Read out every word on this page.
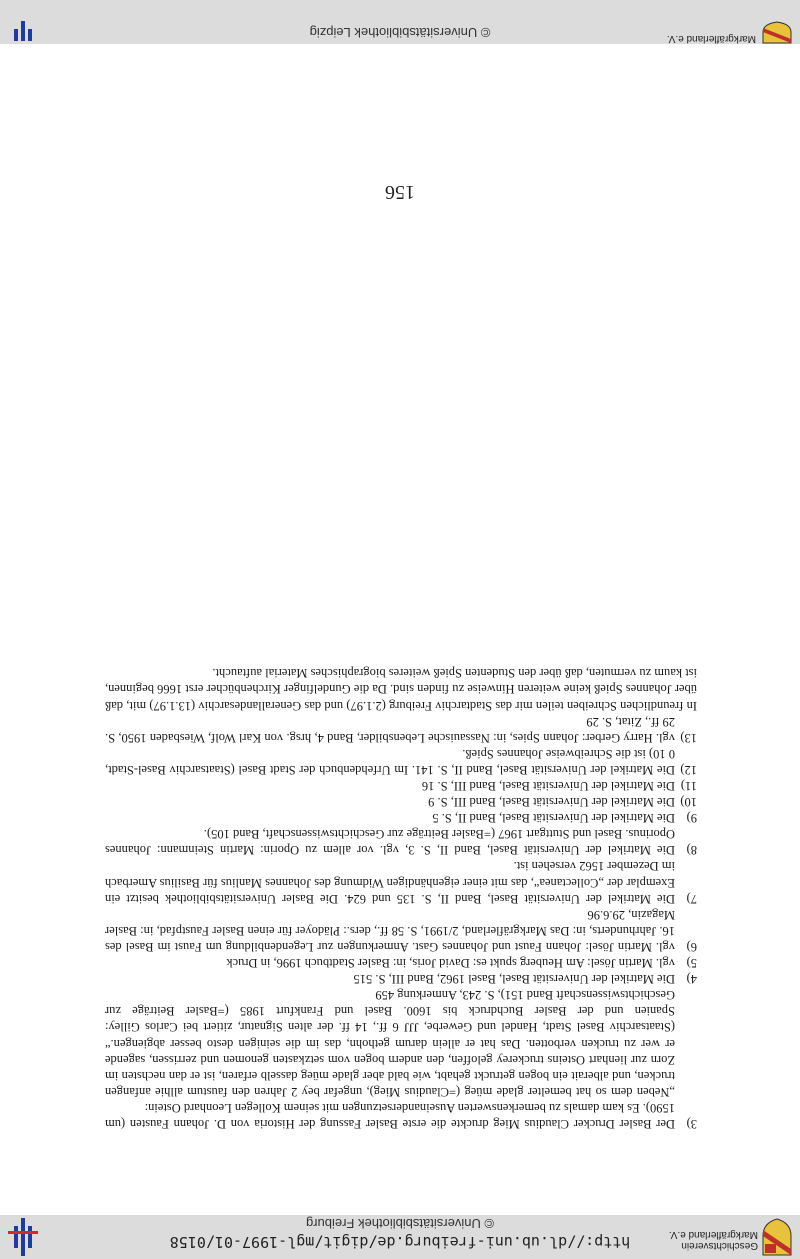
http://dl.ub.uni-freiburg.de/digit/mgl-1997-01/0158
© Universitätsbibliothek Freiburg
Geschichtsverein
Markgräflerland e.V.
156
3)

Der Basler Drucker Claudius Mieg druckte die erste Basler Fassung der Historia von D. Johann Fausten (um 1590). Es kam damals zu bemerkenswerten Auseinandersetzungen mit seinem Kollegen Leonhard Ostein:

„Neben dem so hat bemelter glade müeg (=Claudius Mieg), ungefar bey 2 Jahren den faustum allhie anfangen trucken, und alberait ein bogen getruckt gehabt, wie bald aber glade müeg dasselb erfaren, ist er dan nechsten im Zorn zur lienhart Osteins truckerey geloffen, den andern bogen vom setzkasten genomen und zerrissen, sagende er wer zu trucken verbotten. Das hat er allein darum gethohn, das im die seinigen desto besser abgiengen.“ (Staatsarchiv Basel Stadt, Handel und Gewerbe, JJJ 6 ff., 14 ff. der alten Signatur, zitiert bei Carlos Gilley: Spanien und der Basler Buchdruck bis 1600. Basel und Frankfurt 1985 (=Basler Beiträge zur Geschichtswissenschaft Band 151), S. 243, Anmerkung 459

4)

Die Matrikel der Universität Basel, Basel 1962, Band III, S. 515

5)

vgl. Martin Jösel: Am Heuberg spukt es: David Joris, in: Basler Stadtbuch 1996, in Druck

6)

vgl. Martin Jösel: Johann Faust und Johannes Gast. Anmerkungen zur Legendenbildung um Faust im Basel des 16. Jahrhunderts, in: Das Markgräflerland, 2/1991, S. 58 ff., ders.: Plädoyer für einen Basler Faustpfad, in: Basler Magazin, 29.6.96

7)

Die Matrikel der Universität Basel, Band II, S. 135 und 624. Die Basler Universitätsbibliothek besitzt ein Exemplar der „Collectanea“, das mit einer eigenhändigen Widmung des Johannes Manlius für Basilius Amerbach im Dezember 1562 versehen ist.

8)

Die Matrikel der Universität Basel, Band II, S. 3, vgl. vor allem zu Oporin: Martin Steinmann: Johannes Oporinus. Basel und Stuttgart 1967 (=Basler Beiträge zur Geschichtswissenschaft, Band 105).

9)

Die Matrikel der Universität Basel, Band II, S. 5

10)

Die Matrikel der Universität Basel, Band III, S. 9

11)

Die Matrikel der Universität Basel, Band III, S. 16

12)

Die Matrikel der Universität Basel, Band II, S. 141. Im Urfehdenbuch der Stadt Basel (Staatsarchiv Basel-Stadt, 0 10) ist die Schreibweise Johannes Spieß.

13)

vgl. Harry Gerber: Johann Spies, in: Nassauische Lebensbilder, Band 4, hrsg. von Karl Wolf, Wiesbaden 1950, S. 29 ff., Zitat, S. 29

In freundlichen Schreiben teilen mir das Stadtarchiv Freiburg (2.1.97) und das Generallandesarchiv (13.1.97) mit, daß über Johannes Spieß keine weiteren Hinweise zu finden sind. Da die Gundelfinger Kirchenbücher erst 1666 beginnen, ist kaum zu vermuten, daß über den Studenten Spieß weiteres biographisches Material auftaucht.

© Universitätsbibliothek Leipzig	Markgräflerland e.V.
